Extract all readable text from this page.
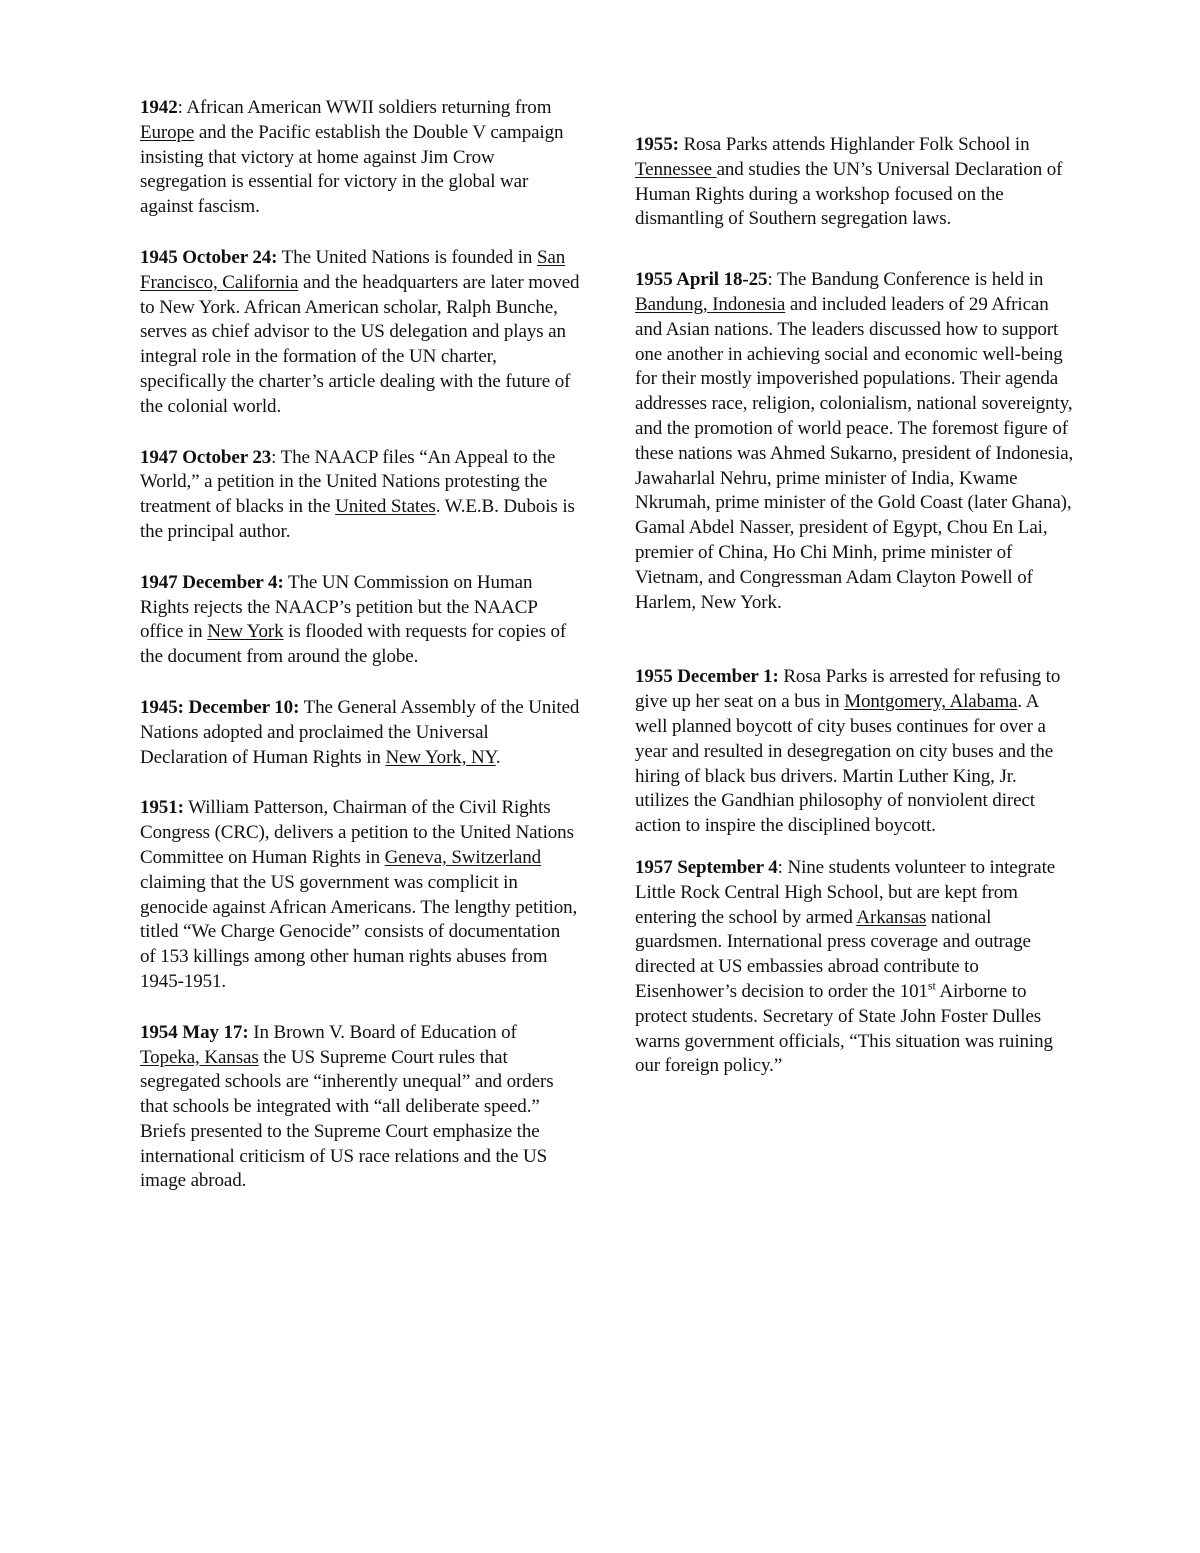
1942: African American WWII soldiers returning from Europe and the Pacific establish the Double V campaign insisting that victory at home against Jim Crow segregation is essential for victory in the global war against fascism.

1945 October 24: The United Nations is founded in San Francisco, California and the headquarters are later moved to New York. African American scholar, Ralph Bunche, serves as chief advisor to the US delegation and plays an integral role in the formation of the UN charter, specifically the charter’s article dealing with the future of the colonial world.

1947 October 23: The NAACP files “An Appeal to the World,” a petition in the United Nations protesting the treatment of blacks in the United States. W.E.B. Dubois is the principal author.

1947 December 4: The UN Commission on Human Rights rejects the NAACP’s petition but the NAACP office in New York is flooded with requests for copies of the document from around the globe.

1945: December 10: The General Assembly of the United Nations adopted and proclaimed the Universal Declaration of Human Rights in New York, NY.

1951: William Patterson, Chairman of the Civil Rights Congress (CRC), delivers a petition to the United Nations Committee on Human Rights in Geneva, Switzerland claiming that the US government was complicit in genocide against African Americans. The lengthy petition, titled “We Charge Genocide” consists of documentation of 153 killings among other human rights abuses from 1945-1951.

1954 May 17: In Brown V. Board of Education of Topeka, Kansas the US Supreme Court rules that segregated schools are “inherently unequal” and orders that schools be integrated with “all deliberate speed.” Briefs presented to the Supreme Court emphasize the international criticism of US race relations and the US image abroad.

1955: Rosa Parks attends Highlander Folk School in Tennessee and studies the UN’s Universal Declaration of Human Rights during a workshop focused on the dismantling of Southern segregation laws.

1955 April 18-25: The Bandung Conference is held in Bandung, Indonesia and included leaders of 29 African and Asian nations. The leaders discussed how to support one another in achieving social and economic well-being for their mostly impoverished populations. Their agenda addresses race, religion, colonialism, national sovereignty, and the promotion of world peace. The foremost figure of these nations was Ahmed Sukarno, president of Indonesia, Jawaharlal Nehru, prime minister of India, Kwame Nkrumah, prime minister of the Gold Coast (later Ghana), Gamal Abdel Nasser, president of Egypt, Chou En Lai, premier of China, Ho Chi Minh, prime minister of Vietnam, and Congressman Adam Clayton Powell of Harlem, New York.

1955 December 1: Rosa Parks is arrested for refusing to give up her seat on a bus in Montgomery, Alabama. A well planned boycott of city buses continues for over a year and resulted in desegregation on city buses and the hiring of black bus drivers. Martin Luther King, Jr. utilizes the Gandhian philosophy of nonviolent direct action to inspire the disciplined boycott.

1957 September 4: Nine students volunteer to integrate Little Rock Central High School, but are kept from entering the school by armed Arkansas national guardsmen. International press coverage and outrage directed at US embassies abroad contribute to Eisenhower’s decision to order the 101st Airborne to protect students. Secretary of State John Foster Dulles warns government officials, “This situation was ruining our foreign policy.”
